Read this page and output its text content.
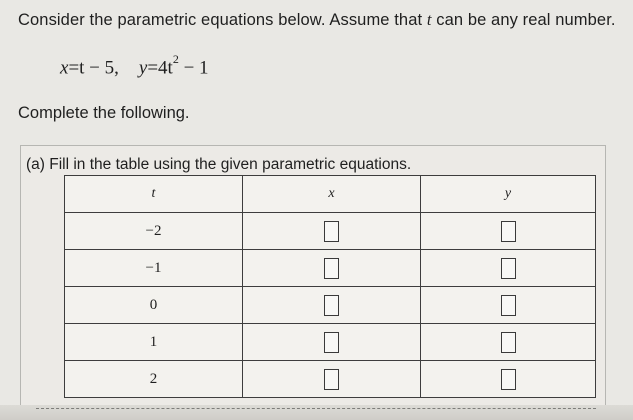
Consider the parametric equations below. Assume that t can be any real number.
x=t − 5, $y=4t^2 - 1$
Complete the following.
(a) Fill in the table using the given parametric equations.
t	x	y
−2		
−1		
0		
1		
2		
